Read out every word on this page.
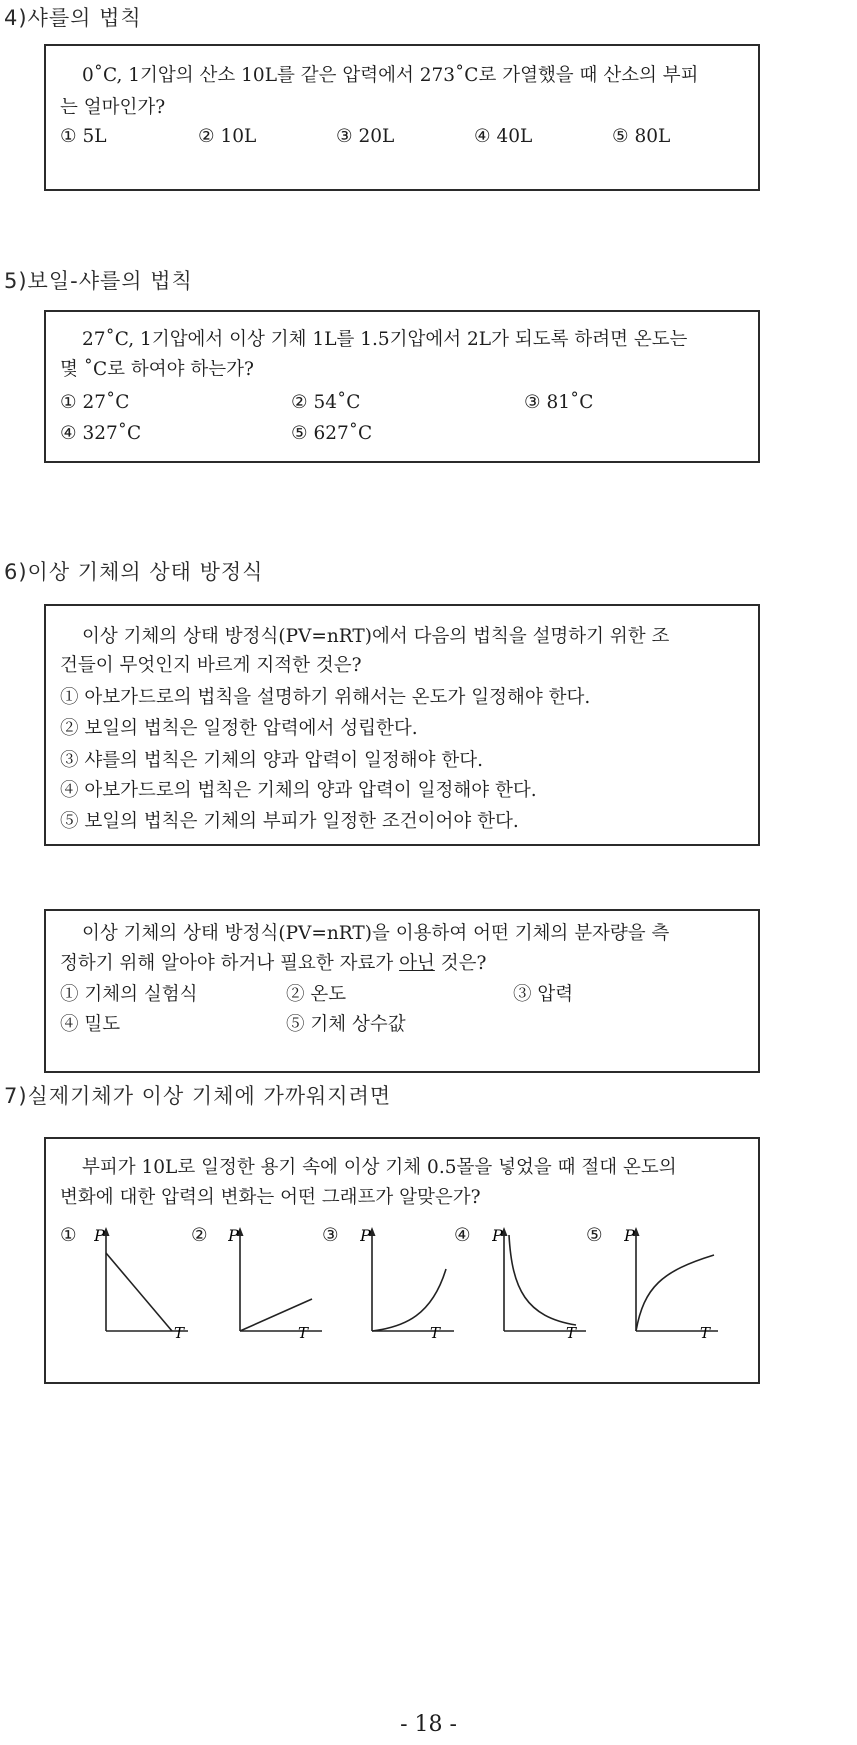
4)샤를의 법칙
0˚C, 1기압의 산소 10L를 같은 압력에서 273˚C로 가열했을 때 산소의 부피
는 얼마인가?
① 5L	② 10L	③ 20L	④ 40L	⑤ 80L
5)보일-샤를의 법칙
27˚C, 1기압에서 이상 기체 1L를 1.5기압에서 2L가 되도록 하려면 온도는
몇 ˚C로 하여야 하는가?
① 27˚C	② 54˚C	③ 81˚C
④ 327˚C	⑤ 627˚C
6)이상 기체의 상태 방정식
이상 기체의 상태 방정식(PV=nRT)에서 다음의 법칙을 설명하기 위한 조
건들이 무엇인지 바르게 지적한 것은?
① 아보가드로의 법칙을 설명하기 위해서는 온도가 일정해야 한다.
② 보일의 법칙은 일정한 압력에서 성립한다.
③ 샤를의 법칙은 기체의 양과 압력이 일정해야 한다.
④ 아보가드로의 법칙은 기체의 양과 압력이 일정해야 한다.
⑤ 보일의 법칙은 기체의 부피가 일정한 조건이어야 한다.
이상 기체의 상태 방정식(PV=nRT)을 이용하여 어떤 기체의 분자량을 측
정하기 위해 알아야 하거나 필요한 자료가 아닌 것은?
① 기체의 실험식	② 온도	③ 압력
④ 밀도	⑤ 기체 상수값
7)실제기체가 이상 기체에 가까워지려면
부피가 10L로 일정한 용기 속에 이상 기체 0.5몰을 넣었을 때 절대 온도의
변화에 대한 압력의 변화는 어떤 그래프가 알맞은가?
① P
T
② P
T
③ P
T
④ P
T
⑤ P
T
- 18 -
